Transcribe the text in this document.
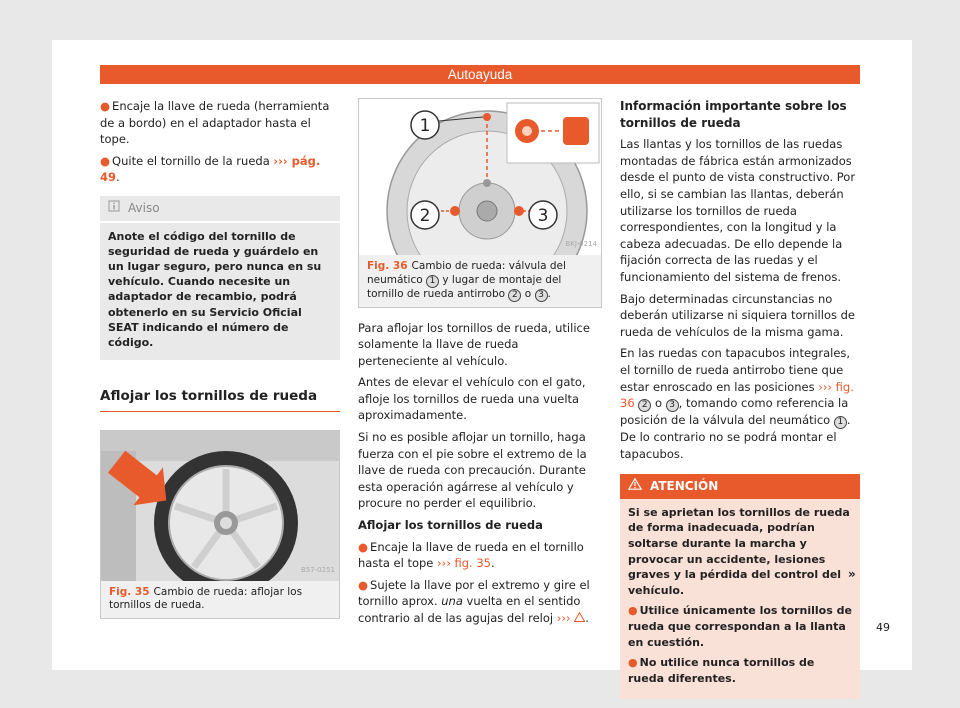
Autoayuda

● Encaje la llave de rueda (herramienta de a bordo) en el adaptador hasta el tope.

● Quite el tornillo de la rueda ››› pág. 49.

Aviso
Anote el código del tornillo de seguridad de rueda y guárdelo en un lugar seguro, pero nunca en su vehículo. Cuando necesite un adaptador de recambio, podrá obtenerlo en su Servicio Oficial SEAT indicando el número de código.
Aflojar los tornillos de rueda
B57-0251
Fig. 35 Cambio de rueda: aflojar los tornillos de rueda.
1
2	3
BKJ-0214
Fig. 36 Cambio de rueda: válvula del neumático 1 y lugar de montaje del tornillo de rueda antirrobo 2 o 3 .

Para aflojar los tornillos de rueda, utilice solamente la llave de rueda perteneciente al vehículo.

Antes de elevar el vehículo con el gato, afloje los tornillos de rueda una vuelta aproximadamente.

Si no es posible aflojar un tornillo, haga fuerza con el pie sobre el extremo de la llave de rueda con precaución. Durante esta operación agárrese al vehículo y procure no perder el equilibrio.

Aflojar los tornillos de rueda

● Encaje la llave de rueda en el tornillo hasta el tope ››› fig. 35.

● Sujete la llave por el extremo y gire el tornillo aprox. una vuelta en el sentido contrario al de las agujas del reloj ››› .

Información importante sobre los tornillos de rueda

Las llantas y los tornillos de las ruedas montadas de fábrica están armonizados desde el punto de vista constructivo. Por ello, si se cambian las llantas, deberán utilizarse los tornillos de rueda correspondientes, con la longitud y la cabeza adecuadas. De ello depende la fijación correcta de las ruedas y el funcionamiento del sistema de frenos.

Bajo determinadas circunstancias no deberán utilizarse ni siquiera tornillos de rueda de vehículos de la misma gama.

En las ruedas con tapacubos integrales, el tornillo de rueda antirrobo tiene que estar enroscado en las posiciones ››› fig. 36 2 o 3 , tomando como referencia la posición de la válvula del neumático 1 . De lo contrario no se podrá montar el tapacubos.

ATENCIÓN

Si se aprietan los tornillos de rueda de forma inadecuada, podrían soltarse durante la marcha y provocar un accidente, lesiones graves y la pérdida del control del vehículo.

● Utilice únicamente los tornillos de rueda que correspondan a la llanta en cuestión.

● No utilice nunca tornillos de rueda diferentes.

»
49
